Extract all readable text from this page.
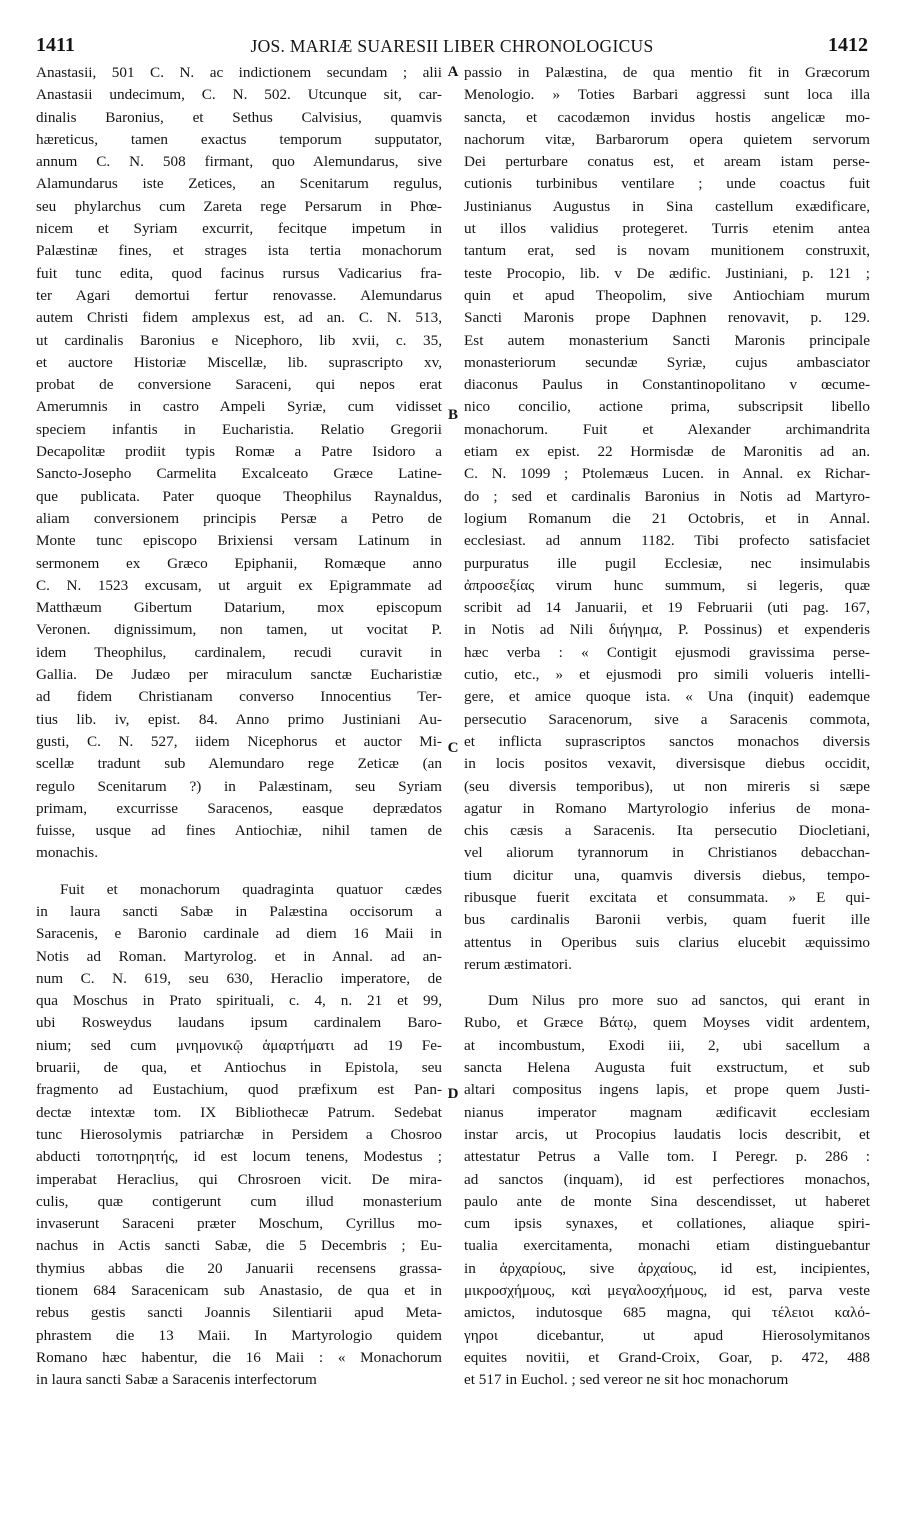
1411	JOS. MARIÆ SUARESII LIBER CHRONOLOGICUS	1412
Anastasii, 501 C. N. ac indictionem secundam ; alii
Anastasii undecimum, C. N. 502. Utcunque sit, car-
dinalis Baronius, et Sethus Calvisius, quamvis
hæreticus, tamen exactus temporum supputator,
annum C. N. 508 firmant, quo Alemundarus, sive
Alamundarus iste Zetices, an Scenitarum regulus,
seu phylarchus cum Zareta rege Persarum in Phœ-
nicem et Syriam excurrit, fecitque impetum in
Palæstinæ fines, et strages ista tertia monachorum
fuit tunc edita, quod facinus rursus Vadicarius fra-
ter Agari demortui fertur renovasse. Alemundarus
autem Christi fidem amplexus est, ad an. C. N. 513,
ut cardinalis Baronius e Nicephoro, lib xvii, c. 35,
et auctore Historiæ Miscellæ, lib. suprascripto xv,
probat de conversione Saraceni, qui nepos erat
Amerumnis in castro Ampeli Syriæ, cum vidisset
speciem infantis in Eucharistia. Relatio Gregorii
Decapolitæ prodiit typis Romæ a Patre Isidoro a
Sancto-Josepho Carmelita Excalceato Græce Latine-
que publicata. Pater quoque Theophilus Raynaldus,
aliam conversionem principis Persæ a Petro de
Monte tunc episcopo Brixiensi versam Latinum in
sermonem ex Græco Epiphanii, Romæque anno
C. N. 1523 excusam, ut arguit ex Epigrammate ad
Matthæum Gibertum Datarium, mox episcopum
Veronen. dignissimum, non tamen, ut vocitat P.
idem Theophilus, cardinalem, recudi curavit in
Gallia. De Judæo per miraculum sanctæ Eucharistiæ
ad fidem Christianam converso Innocentius Ter-
tius lib. iv, epist. 84. Anno primo Justiniani Au-
gusti, C. N. 527, iidem Nicephorus et auctor Mi-
scellæ tradunt sub Alemundaro rege Zeticæ (an
regulo Scenitarum ?) in Palæstinam, seu Syriam
primam, excurrisse Saracenos, easque deprædatos
fuisse, usque ad fines Antiochiæ, nihil tamen de
monachis.
Fuit et monachorum quadraginta quatuor cædes
in laura sancti Sabæ in Palæstina occisorum a
Saracenis, e Baronio cardinale ad diem 16 Maii in
Notis ad Roman. Martyrolog. et in Annal. ad an-
num C. N. 619, seu 630, Heraclio imperatore, de
qua Moschus in Prato spirituali, c. 4, n. 21 et 99,
ubi Rosweydus laudans ipsum cardinalem Baro-
nium; sed cum μνημονικῷ ἁμαρτήματι ad 19 Fe-
bruarii, de qua, et Antiochus in Epistola, seu
fragmento ad Eustachium, quod præfixum est Pan-
dectæ intextæ tom. IX Bibliothecæ Patrum. Sedebat
tunc Hierosolymis patriarchæ in Persidem a Chosroo
abducti τοποτηρητής, id est locum tenens, Modestus ;
imperabat Heraclius, qui Chrosroen vicit. De mira-
culis, quæ contigerunt cum illud monasterium
invaserunt Saraceni præter Moschum, Cyrillus mo-
nachus in Actis sancti Sabæ, die 5 Decembris ; Eu-
thymius abbas die 20 Januarii recensens grassa-
tionem 684 Saracenicam sub Anastasio, de qua et in
rebus gestis sancti Joannis Silentiarii apud Meta-
phrastem die 13 Maii. In Martyrologio quidem
Romano hæc habentur, die 16 Maii : « Monachorum
in laura sancti Sabæ a Saracenis interfectorum
passio in Palæstina, de qua mentio fit in Græcorum
Menologio. » Toties Barbari aggressi sunt loca illa
sancta, et cacodæmon invidus hostis angelicæ mo-
nachorum vitæ, Barbarorum opera quietem servorum
Dei perturbare conatus est, et aream istam perse-
cutionis turbinibus ventilare ; unde coactus fuit
Justinianus Augustus in Sina castellum exædificare,
ut illos validius protegeret. Turris etenim antea
tantum erat, sed is novam munitionem construxit,
teste Procopio, lib. v De ædific. Justiniani, p. 121 ;
quin et apud Theopolim, sive Antiochiam murum
Sancti Maronis prope Daphnen renovavit, p. 129.
Est autem monasterium Sancti Maronis principale
monasteriorum secundæ Syriæ, cujus ambasciator
diaconus Paulus in Constantinopolitano v œcume-
nico concilio, actione prima, subscripsit libello
monachorum. Fuit et Alexander archimandrita
etiam ex epist. 22 Hormisdæ de Maronitis ad an.
C. N. 1099 ; Ptolemæus Lucen. in Annal. ex Richar-
do ; sed et cardinalis Baronius in Notis ad Martyro-
logium Romanum die 21 Octobris, et in Annal.
ecclesiast. ad annum 1182. Tibi profecto satisfaciet
purpuratus ille pugil Ecclesiæ, nec insimulabis
ἀπροσεξίας virum hunc summum, si legeris, quæ
scribit ad 14 Januarii, et 19 Februarii (uti pag. 167,
in Notis ad Nili διήγημα, P. Possinus) et expenderis
hæc verba : « Contigit ejusmodi gravissima perse-
cutio, etc., » et ejusmodi pro simili volueris intelli-
gere, et amice quoque ista. « Una (inquit) eademque
persecutio Saracenorum, sive a Saracenis commota,
et inflicta suprascriptos sanctos monachos diversis
in locis positos vexavit, diversisque diebus occidit,
(seu diversis temporibus), ut non mireris si sæpe
agatur in Romano Martyrologio inferius de mona-
chis cæsis a Saracenis. Ita persecutio Diocletiani,
vel aliorum tyrannorum in Christianos debacchan-
tium dicitur una, quamvis diversis diebus, tempo-
ribusque fuerit excitata et consummata. » E qui-
bus cardinalis Baronii verbis, quam fuerit ille
attentus in Operibus suis clarius elucebit æquissimo
rerum æstimatori.
Dum Nilus pro more suo ad sanctos, qui erant in
Rubo, et Græce Βάτῳ, quem Moyses vidit ardentem,
at incombustum, Exodi iii, 2, ubi sacellum a
sancta Helena Augusta fuit exstructum, et sub
altari compositus ingens lapis, et prope quem Justi-
nianus imperator magnam ædificavit ecclesiam
instar arcis, ut Procopius laudatis locis describit, et
attestatur Petrus a Valle tom. I Peregr. p. 286 :
ad sanctos (inquam), id est perfectiores monachos,
paulo ante de monte Sina descendisset, ut haberet
cum ipsis synaxes, et collationes, aliaque spiri-
tualia exercitamenta, monachi etiam distinguebantur
in ἀρχαρίους, sive ἀρχαίους, id est, incipientes,
μικροσχήμους, καὶ μεγαλοσχήμους, id est, parva veste
amictos, indutosque 685 magna, qui τέλειοι καλό-
γηροι dicebantur, ut apud Hierosolymitanos
equites novitii, et Grand-Croix, Goar, p. 472, 488
et 517 in Euchol. ; sed vereor ne sit hoc monachorum
A
B
C
D
